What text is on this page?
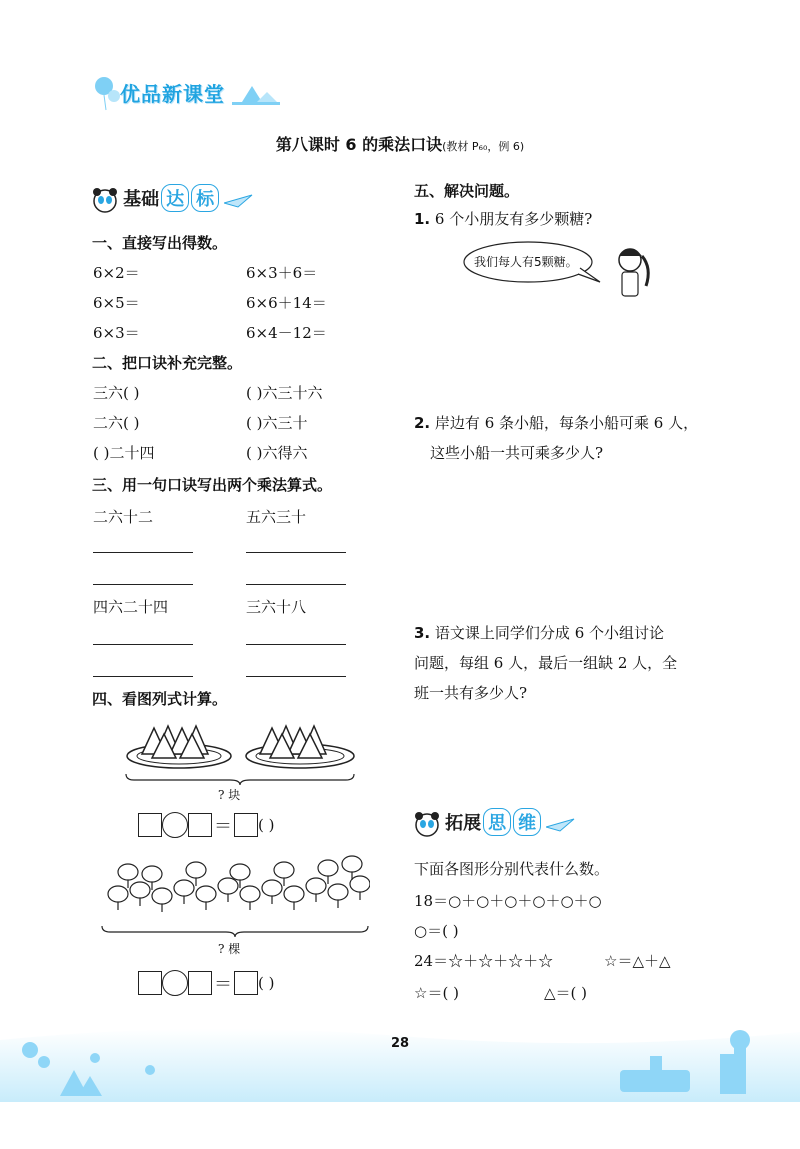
优品新课堂
第八课时 6 的乘法口诀(教材 P₆₀，例 6)
基础 达 标
一、直接写出得数。
6×2＝	6×3＋6＝
6×5＝	6×6＋14＝
6×3＝	6×4－12＝
二、把口诀补充完整。
三六( )	( )六三十六
二六( )	( )六三十
( )二十四	( )六得六
三、用一句口诀写出两个乘法算式。
二六十二	五六三十
四六二十四	三六十八
四、看图列式计算。
? 块
＝ ( )
? 棵
＝ ( )
五、解决问题。
1. 6 个小朋友有多少颗糖?
我们每人有5颗糖。
2. 岸边有 6 条小船，每条小船可乘 6 人，
这些小船一共可乘多少人?
3. 语文课上同学们分成 6 个小组讨论
问题，每组 6 人，最后一组缺 2 人，全
班一共有多少人?
拓展 思 维
下面各图形分别代表什么数。
18＝○＋○＋○＋○＋○＋○
○＝( )
24＝☆＋☆＋☆＋☆	☆＝△＋△
☆＝( )	△＝( )
28
